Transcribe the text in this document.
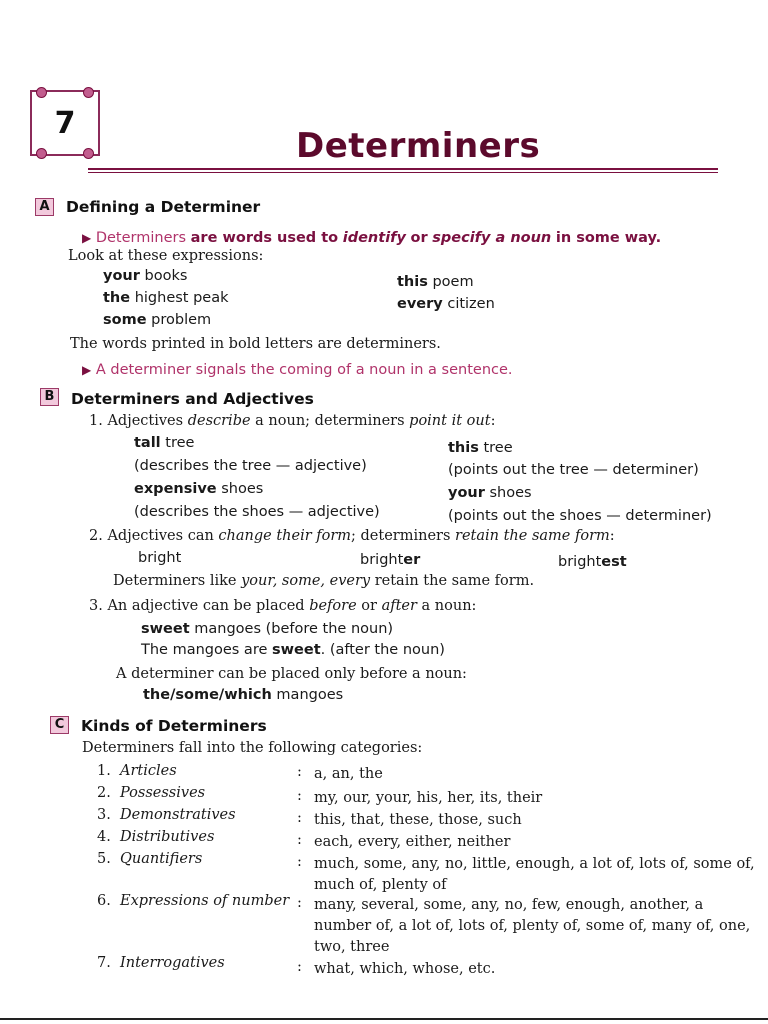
7
Determiners
A Defining a Determiner
▶ Determiners are words used to identify or specify a noun in some way.
Look at these expressions:
your books
the highest peak
some problem
this poem
every citizen
The words printed in bold letters are determiners.
▶ A determiner signals the coming of a noun in a sentence.
B Determiners and Adjectives
1. Adjectives describe a noun; determiners point it out:
tall tree
(describes the tree — adjective)
expensive shoes
(describes the shoes — adjective)
this tree
(points out the tree — determiner)
your shoes
(points out the shoes — determiner)
2. Adjectives can change their form; determiners retain the same form:
bright	brighter	brightest
Determiners like your, some, every retain the same form.
3. An adjective can be placed before or after a noun:
sweet mangoes (before the noun)
The mangoes are sweet. (after the noun)
A determiner can be placed only before a noun:
the/some/which mangoes
C	Kinds of Determiners
Determiners fall into the following categories:
1. Articles	: a, an, the
2. Possessives	: my, our, your, his, her, its, their
3. Demonstratives	: this, that, these, those, such
4. Distributives	: each, every, either, neither
5. Quantifiers	: much, some, any, no, little, enough, a lot of, lots of, some of, much of, plenty of
6. Expressions of number : many, several, some, any, no, few, enough, another, a number of, a lot of, lots of, plenty of, some of, many of, one, two, three
7. Interrogatives	: what, which, whose, etc.
